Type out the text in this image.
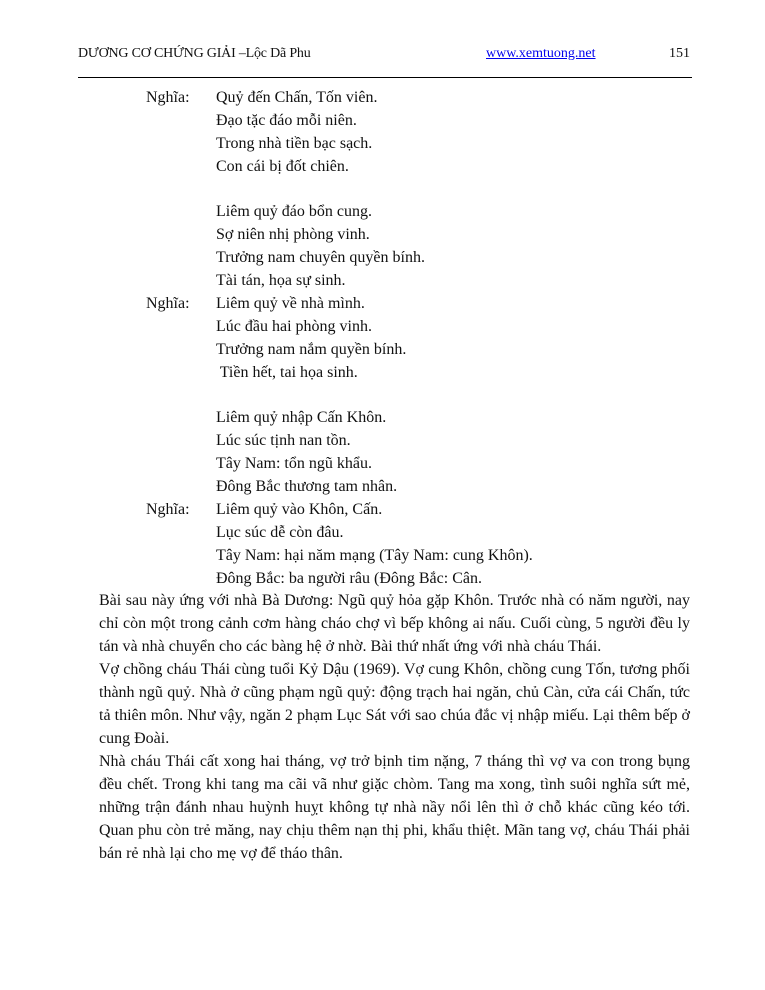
DƯƠNG CƠ CHỨNG GIẢI –Lộc Dã Phu	www.xemtuong.net	151
Nghĩa: Quỷ đến Chấn, Tốn viên.
Đạo tặc đáo mỗi niên.
Trong nhà tiền bạc sạch.
Con cái bị đốt chiên.
Liêm quỷ đáo bổn cung.
Sợ niên nhị phòng vinh.
Trưởng nam chuyên quyền bính.
Tài tán, họa sự sinh.
Nghĩa: Liêm quỷ về nhà mình.
Lúc đầu hai phòng vinh.
Trưởng nam nắm quyền bính.
Tiền hết, tai họa sinh.
Liêm quỷ nhập Cấn Khôn.
Lúc súc tịnh nan tồn.
Tây Nam: tổn ngũ khẩu.
Đông Bắc thương tam nhân.
Nghĩa: Liêm quỷ vào Khôn, Cấn.
Lục súc dễ còn đâu.
Tây Nam: hại năm mạng (Tây Nam: cung Khôn).
Đông Bắc: ba người râu (Đông Bắc: Cân.

Bài sau này ứng với nhà Bà Dương: Ngũ quỷ hỏa gặp Khôn. Trước nhà có năm người, nay chỉ còn một trong cảnh cơm hàng cháo chợ vì bếp không ai nấu. Cuối cùng, 5 người đều ly tán và nhà chuyển cho các bàng hệ ở nhờ. Bài thứ nhất ứng với nhà cháu Thái.

Vợ chồng cháu Thái cùng tuổi Kỷ Dậu (1969). Vợ cung Khôn, chồng cung Tốn, tương phối thành ngũ quỷ. Nhà ở cũng phạm ngũ quỷ: động trạch hai ngăn, chủ Càn, cửa cái Chấn, tức tả thiên môn. Như vậy, ngăn 2 phạm Lục Sát với sao chúa đắc vị nhập miếu. Lại thêm bếp ở cung Đoài.

Nhà cháu Thái cất xong hai tháng, vợ trở bịnh tim nặng, 7 tháng thì vợ va con trong bụng đều chết. Trong khi tang ma cãi vã như giặc chòm. Tang ma xong, tình suôi nghĩa sứt mẻ, những trận đánh nhau huỳnh huỵt không tự nhà nầy nổi lên thì ở chỗ khác cũng kéo tới. Quan phu còn trẻ măng, nay chịu thêm nạn thị phi, khẩu thiệt. Mãn tang vợ, cháu Thái phải bán rẻ nhà lại cho mẹ vợ để tháo thân.
